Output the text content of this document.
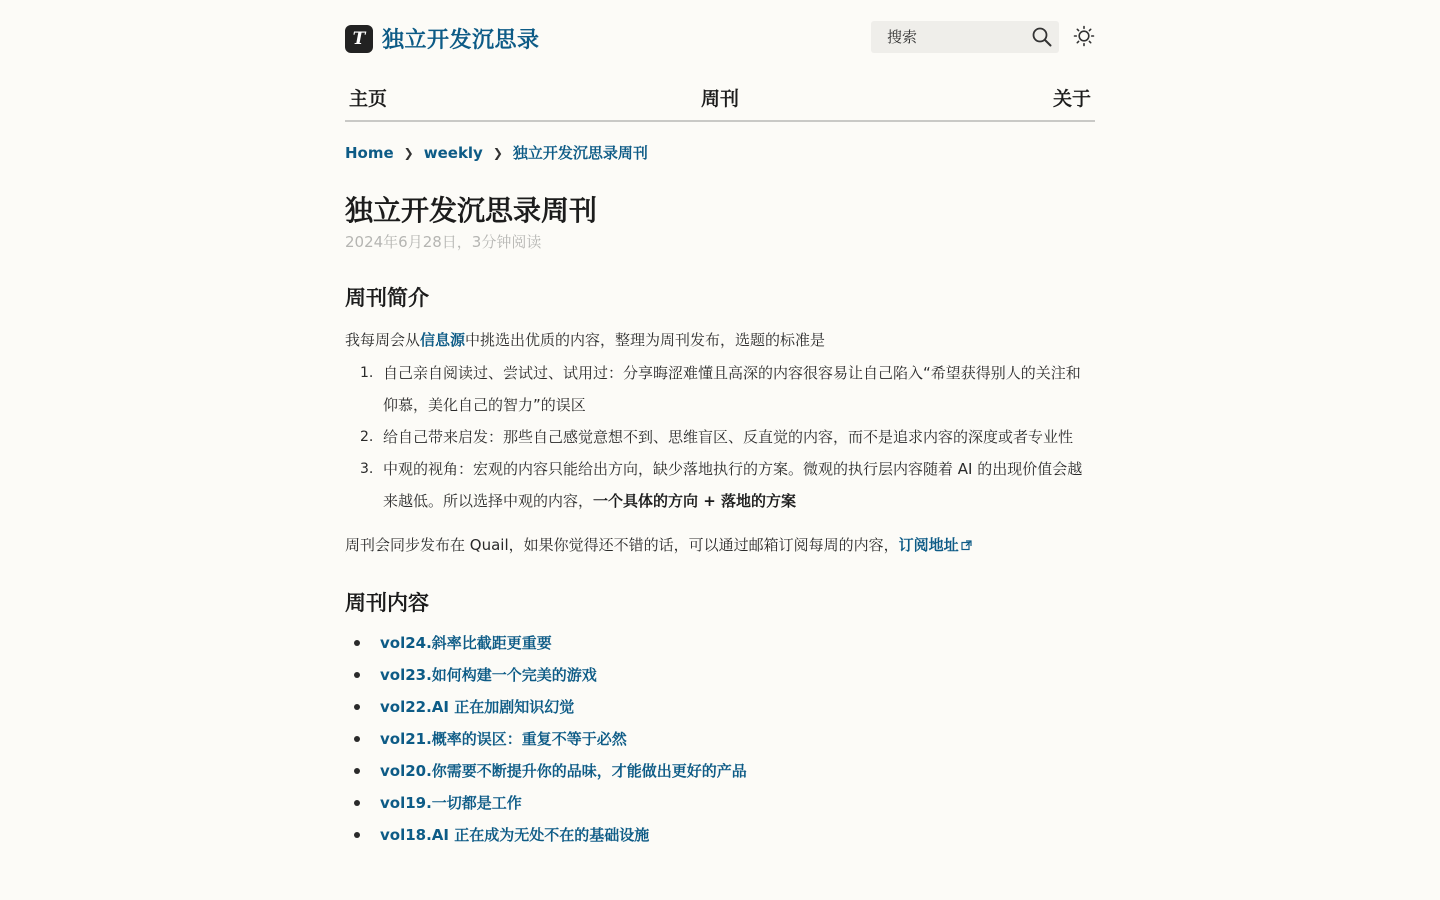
T 独立开发沉思录
搜索
主页	周刊	关于
Home ❯ weekly ❯ 独立开发沉思录周刊
独立开发沉思录周刊
2024年6月28日，3分钟阅读
周刊简介

我每周会从信息源中挑选出优质的内容，整理为周刊发布，选题的标准是

1. 自己亲自阅读过、尝试过、试用过：分享晦涩难懂且高深的内容很容易让自己陷入“希望获得别人的关注和仰慕，美化自己的智力”的误区
2. 给自己带来启发：那些自己感觉意想不到、思维盲区、反直觉的内容，而不是追求内容的深度或者专业性
3. 中观的视角：宏观的内容只能给出方向，缺少落地执行的方案。微观的执行层内容随着 AI 的出现价值会越来越低。所以选择中观的内容，一个具体的方向 + 落地的方案

周刊会同步发布在 Quail，如果你觉得还不错的话，可以通过邮箱订阅每周的内容，订阅地址

周刊内容
vol24.斜率比截距更重要
vol23.如何构建一个完美的游戏
vol22.AI 正在加剧知识幻觉
vol21.概率的误区：重复不等于必然
vol20.你需要不断提升你的品味，才能做出更好的产品
vol19.一切都是工作
vol18.AI 正在成为无处不在的基础设施
